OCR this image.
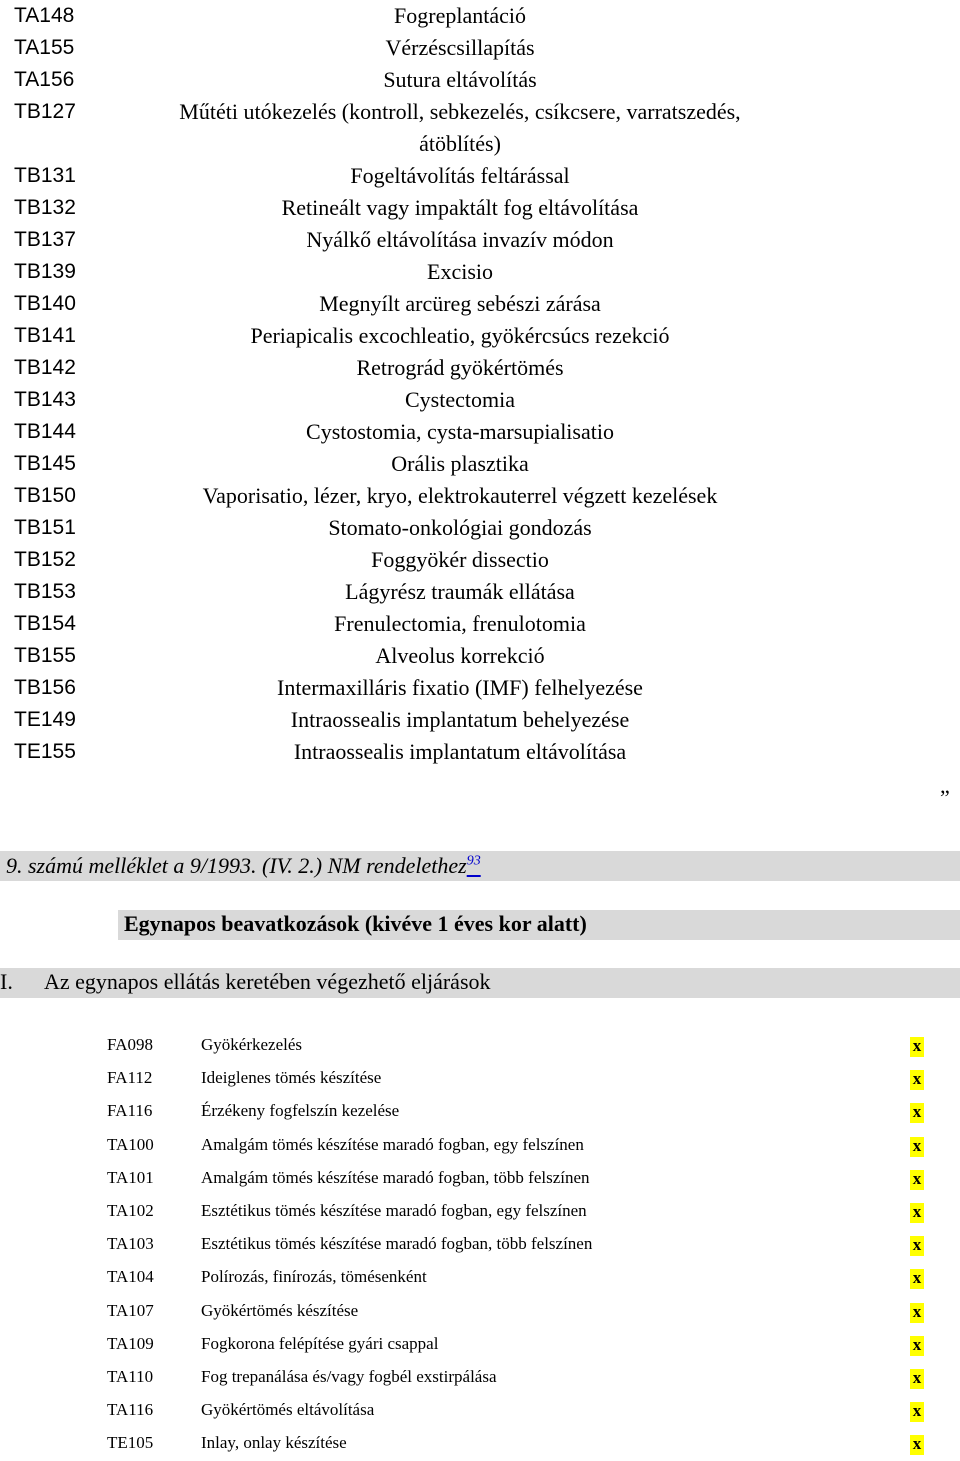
TA148	Fogreplantáció
TA155	Vérzéscsillapítás
TA156	Sutura eltávolítás
TB127	Műtéti utókezelés (kontroll, sebkezelés, csíkcsere, varratszedés,
átöblítés)
TB131	Fogeltávolítás feltárással
TB132	Retineált vagy impaktált fog eltávolítása
TB137	Nyálkő eltávolítása invazív módon
TB139	Excisio
TB140	Megnyílt arcüreg sebészi zárása
TB141	Periapicalis excochleatio, gyökércsúcs rezekció
TB142	Retrográd gyökértömés
TB143	Cystectomia
TB144	Cystostomia, cysta-marsupialisatio
TB145	Orális plasztika
TB150	Vaporisatio, lézer, kryo, elektrokauterrel végzett kezelések
TB151	Stomato-onkológiai gondozás
TB152	Foggyökér dissectio
TB153	Lágyrész traumák ellátása
TB154	Frenulectomia, frenulotomia
TB155	Alveolus korrekció
TB156	Intermaxilláris fixatio (IMF) felhelyezése
TE149	Intraossealis implantatum behelyezése
TE155	Intraossealis implantatum eltávolítása
”
9. számú melléklet a 9/1993. (IV. 2.) NM rendelethez$^{93}$
Egynapos beavatkozások (kivéve 1 éves kor alatt)
I. Az egynapos ellátás keretében végezhető eljárások
FA098	Gyökérkezelés	x
FA112	Ideiglenes tömés készítése	x
FA116	Érzékeny fogfelszín kezelése	x
TA100	Amalgám tömés készítése maradó fogban, egy felszínen	x
TA101	Amalgám tömés készítése maradó fogban, több felszínen	x
TA102	Esztétikus tömés készítése maradó fogban, egy felszínen	x
TA103	Esztétikus tömés készítése maradó fogban, több felszínen	x
TA104	Polírozás, finírozás, tömésenként	x
TA107	Gyökértömés készítése	x
TA109	Fogkorona felépítése gyári csappal	x
TA110	Fog trepanálása és/vagy fogbél exstirpálása	x
TA116	Gyökértömés eltávolítása	x
TE105	Inlay, onlay készítése	x
